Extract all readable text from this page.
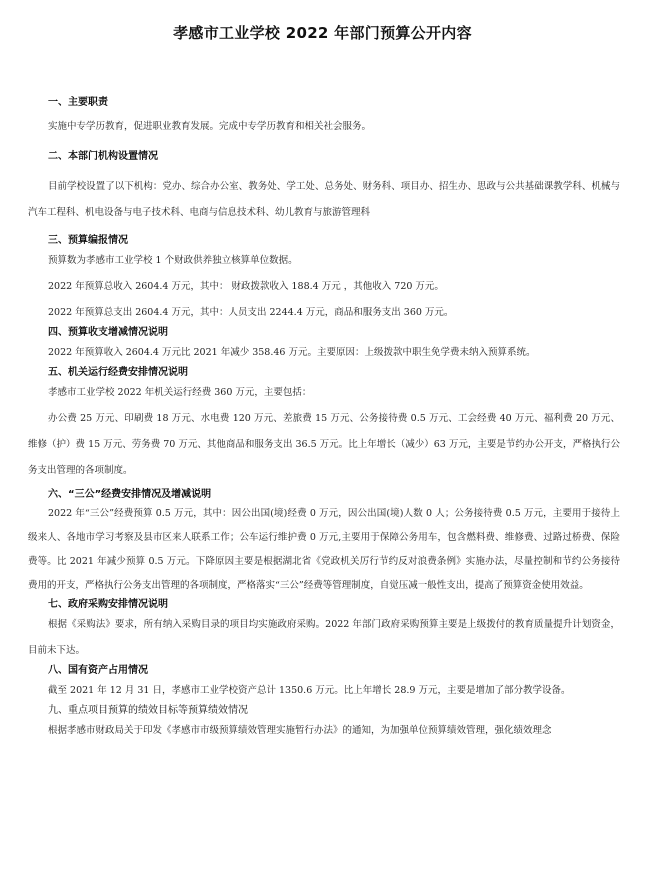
孝感市工业学校 2022 年部门预算公开内容

一、主要职责

实施中专学历教育，促进职业教育发展。完成中专学历教育和相关社会服务。

二、本部门机构设置情况

目前学校设置了以下机构：党办、综合办公室、教务处、学工处、总务处、财务科、项目办、招生办、思政与公共基础课教学科、机械与汽车工程科、机电设备与电子技术科、电商与信息技术科、幼儿教育与旅游管理科

三、预算编报情况

预算数为孝感市工业学校 1 个财政供养独立核算单位数据。

2022 年预算总收入 2604.4 万元，其中： 财政拨款收入 188.4 万元 ，其他收入 720 万元。

2022 年预算总支出 2604.4 万元，其中：人员支出 2244.4 万元，商品和服务支出 360 万元。

四、预算收支增减情况说明

2022 年预算收入 2604.4 万元比 2021 年减少 358.46 万元。主要原因：上级拨款中职生免学费未纳入预算系统。

五、机关运行经费安排情况说明

孝感市工业学校 2022 年机关运行经费 360 万元，主要包括：

办公费 25 万元、印刷费 18 万元、水电费 120 万元、差旅费 15 万元、公务接待费 0.5 万元、工会经费 40 万元、福利费 20 万元、维修（护）费 15 万元、劳务费 70 万元、其他商品和服务支出 36.5 万元。比上年增长（减少）63 万元，主要是节约办公开支，严格执行公务支出管理的各项制度。

六、“三公”经费安排情况及增减说明

2022 年“三公”经费预算 0.5 万元，其中：因公出国(境)经费 0 万元，因公出国(境)人数 0 人；公务接待费 0.5 万元，主要用于接待上级来人、各地市学习考察及县市区来人联系工作；公车运行维护费 0 万元,主要用于保障公务用车，包含燃料费、维修费、过路过桥费、保险费等。比 2021 年减少预算 0.5 万元。下降原因主要是根据湖北省《党政机关厉行节约反对浪费条例》实施办法，尽量控制和节约公务接待费用的开支，严格执行公务支出管理的各项制度，严格落实“三公”经费等管理制度，自觉压减一般性支出，提高了预算资金使用效益。

七、政府采购安排情况说明

根据《采购法》要求，所有纳入采购目录的项目均实施政府采购。2022 年部门政府采购预算主要是上级拨付的教育质量提升计划资金，目前未下达。

八、国有资产占用情况

截至 2021 年 12 月 31 日，孝感市工业学校资产总计 1350.6 万元。比上年增长 28.9 万元，主要是增加了部分教学设备。

九、重点项目预算的绩效目标等预算绩效情况

根据孝感市财政局关于印发《孝感市市级预算绩效管理实施暂行办法》的通知，为加强单位预算绩效管理，强化绩效理念
